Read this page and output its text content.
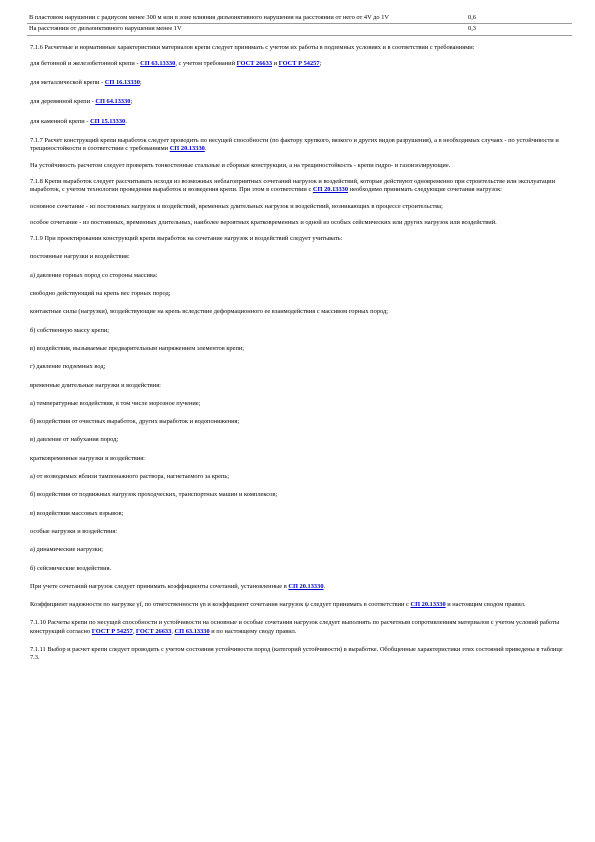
В пластовом нарушении с радиусом менее 300 м или в зоне влияния дизъюнктивного нарушения на расстоянии от него от 4V до 1V	0,6
На расстоянии от дизъюнктивного нарушения менее 1V	0,3

7.1.6 Расчетные и нормативные характеристики материалов крепи следует принимать с учетом их работы в подземных условиях и в соответствии с требованиями:

для бетонной и железобетонной крепи - СП 63.13330, с учетом требований ГОСТ 26633 и ГОСТ Р 54257;

для металлической крепи - СП 16.13330;

для деревянной крепи - СП 64.13330;

для каменной крепи - СП 15.13330.

7.1.7 Расчет конструкций крепи выработок следует проводить по несущей способности (по фактору хрупкого, вязкого и других видов разрушения), а в необходимых случаях - по устойчивости и трещиностойкости в соответствии с требованиями СП 20.13330.

На устойчивость расчетом следует проверять тонкостенные стальные и сборные конструкции, а на трещиностойкость - крепи гидро- и газоизолирующие.

7.1.8 Крепи выработок следует рассчитывать исходя из возможных неблагоприятных сочетаний нагрузок и воздействий, которые действуют одновременно при строительстве или эксплуатации выработок, с учетом технологии проведения выработок и возведения крепи. При этом в соответствии с СП 20.13330 необходимо принимать следующие сочетания нагрузок:

основное сочетание - из постоянных нагрузок и воздействий, временных длительных нагрузок и воздействий, возникающих в процессе строительства;

особое сочетание - из постоянных, временных длительных, наиболее вероятных кратковременных и одной из особых сейсмических или других нагрузок или воздействий.

7.1.9 При проектировании конструкций крепи выработок на сочетание нагрузок и воздействий следует учитывать:

постоянные нагрузки и воздействия:

а) давление горных пород со стороны массива:

свободно действующий на крепь вес горных пород;

контактные силы (нагрузки), воздействующие на крепь вследствие деформационного ее взаимодействия с массивом горных пород;

б) собственную массу крепи;

в) воздействия, вызываемые предварительным напряжением элементов крепи;

г) давление подземных вод;

временные длительные нагрузки и воздействия:

а) температурные воздействия, в том числе морозное пучение;

б) воздействия от очистных выработок, других выработок и водопонижения;

в) давление от набухания пород;

кратковременные нагрузки и воздействия:

а) от возводимых вблизи тампонажного раствора, нагнетаемого за крепь;

б) воздействия от подвижных нагрузок проходческих, транспортных машин и комплексов;

в) воздействия массовых взрывов;

особые нагрузки и воздействия:

а) динамические нагрузки;

б) сейсмические воздействия.

При учете сочетаний нагрузок следует принимать коэффициенты сочетаний, установленные в СП 20.13330.

Коэффициент надежности по нагрузке γf, по ответственности γn и коэффициент сочетания нагрузок ψ следует принимать в соответствии с СП 20.13330 и настоящим сводом правил.

7.1.10 Расчеты крепи по несущей способности и устойчивости на основные и особые сочетания нагрузок следует выполнять по расчетным сопротивлениям материалов с учетом условий работы конструкций согласно ГОСТ Р 54257, ГОСТ 26633, СП 63.13330 и по настоящему своду правил.

7.1.11 Выбор и расчет крепи следует проводить с учетом состояния устойчивости пород (категорий устойчивости) в выработке. Обобщенные характеристики этих состояний приведены в таблице 7.3.
